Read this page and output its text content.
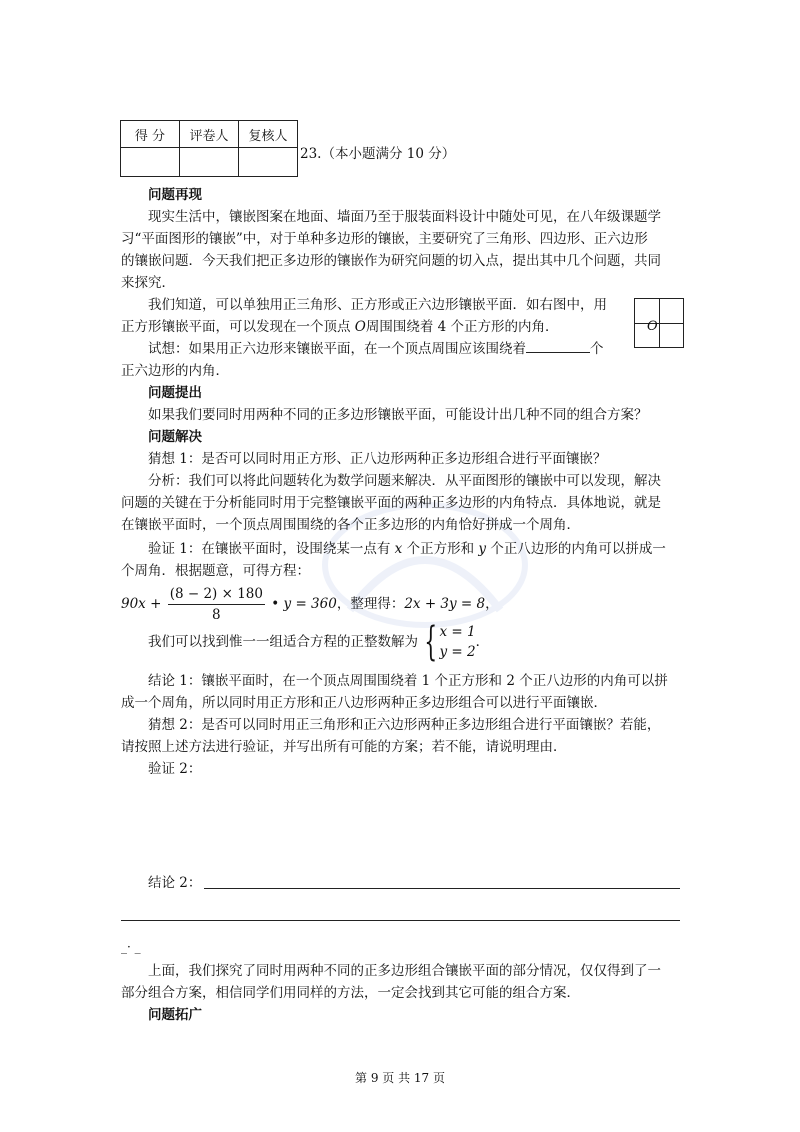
得 分	评卷人	复核人

23.（本小题满分 10 分）
问题再现
现实生活中，镶嵌图案在地面、墙面乃至于服装面料设计中随处可见，在八年级课题学
习“平面图形的镶嵌”中，对于单种多边形的镶嵌，主要研究了三角形、四边形、正六边形
的镶嵌问题．今天我们把正多边形的镶嵌作为研究问题的切入点，提出其中几个问题，共同
来探究．
我们知道，可以单独用正三角形、正方形或正六边形镶嵌平面．如右图中，用
正方形镶嵌平面，可以发现在一个顶点 O周围围绕着 4 个正方形的内角．
试想：如果用正六边形来镶嵌平面，在一个顶点周围应该围绕着	个
正六边形的内角．
O
问题提出
如果我们要同时用两种不同的正多边形镶嵌平面，可能设计出几种不同的组合方案？
问题解决
猜想 1：是否可以同时用正方形、正八边形两种正多边形组合进行平面镶嵌？
分析：我们可以将此问题转化为数学问题来解决．从平面图形的镶嵌中可以发现，解决
问题的关键在于分析能同时用于完整镶嵌平面的两种正多边形的内角特点．具体地说，就是
在镶嵌平面时，一个顶点周围围绕的各个正多边形的内角恰好拼成一个周角．
验证 1：在镶嵌平面时，设围绕某一点有 x 个正方形和 y 个正八边形的内角可以拼成一
个周角．根据题意，可得方程：
$90x + \frac{(8 - 2) \times 180}{8}$ • y = 360，整理得：2x + 3y = 8，
我们可以找到惟一一组适合方程的正整数解为 { x = 1
y = 2
．
结论 1：镶嵌平面时，在一个顶点周围围绕着 1 个正方形和 2 个正八边形的内角可以拼
成一个周角，所以同时用正方形和正八边形两种正多边形组合可以进行平面镶嵌．
猜想 2：是否可以同时用正三角形和正六边形两种正多边形组合进行平面镶嵌？若能，
请按照上述方法进行验证，并写出所有可能的方案；若不能，请说明理由．
验证 2：
结论 2：
_· _
上面，我们探究了同时用两种不同的正多边形组合镶嵌平面的部分情况，仅仅得到了一
部分组合方案，相信同学们用同样的方法，一定会找到其它可能的组合方案．
问题拓广
第 9 页 共 17 页
